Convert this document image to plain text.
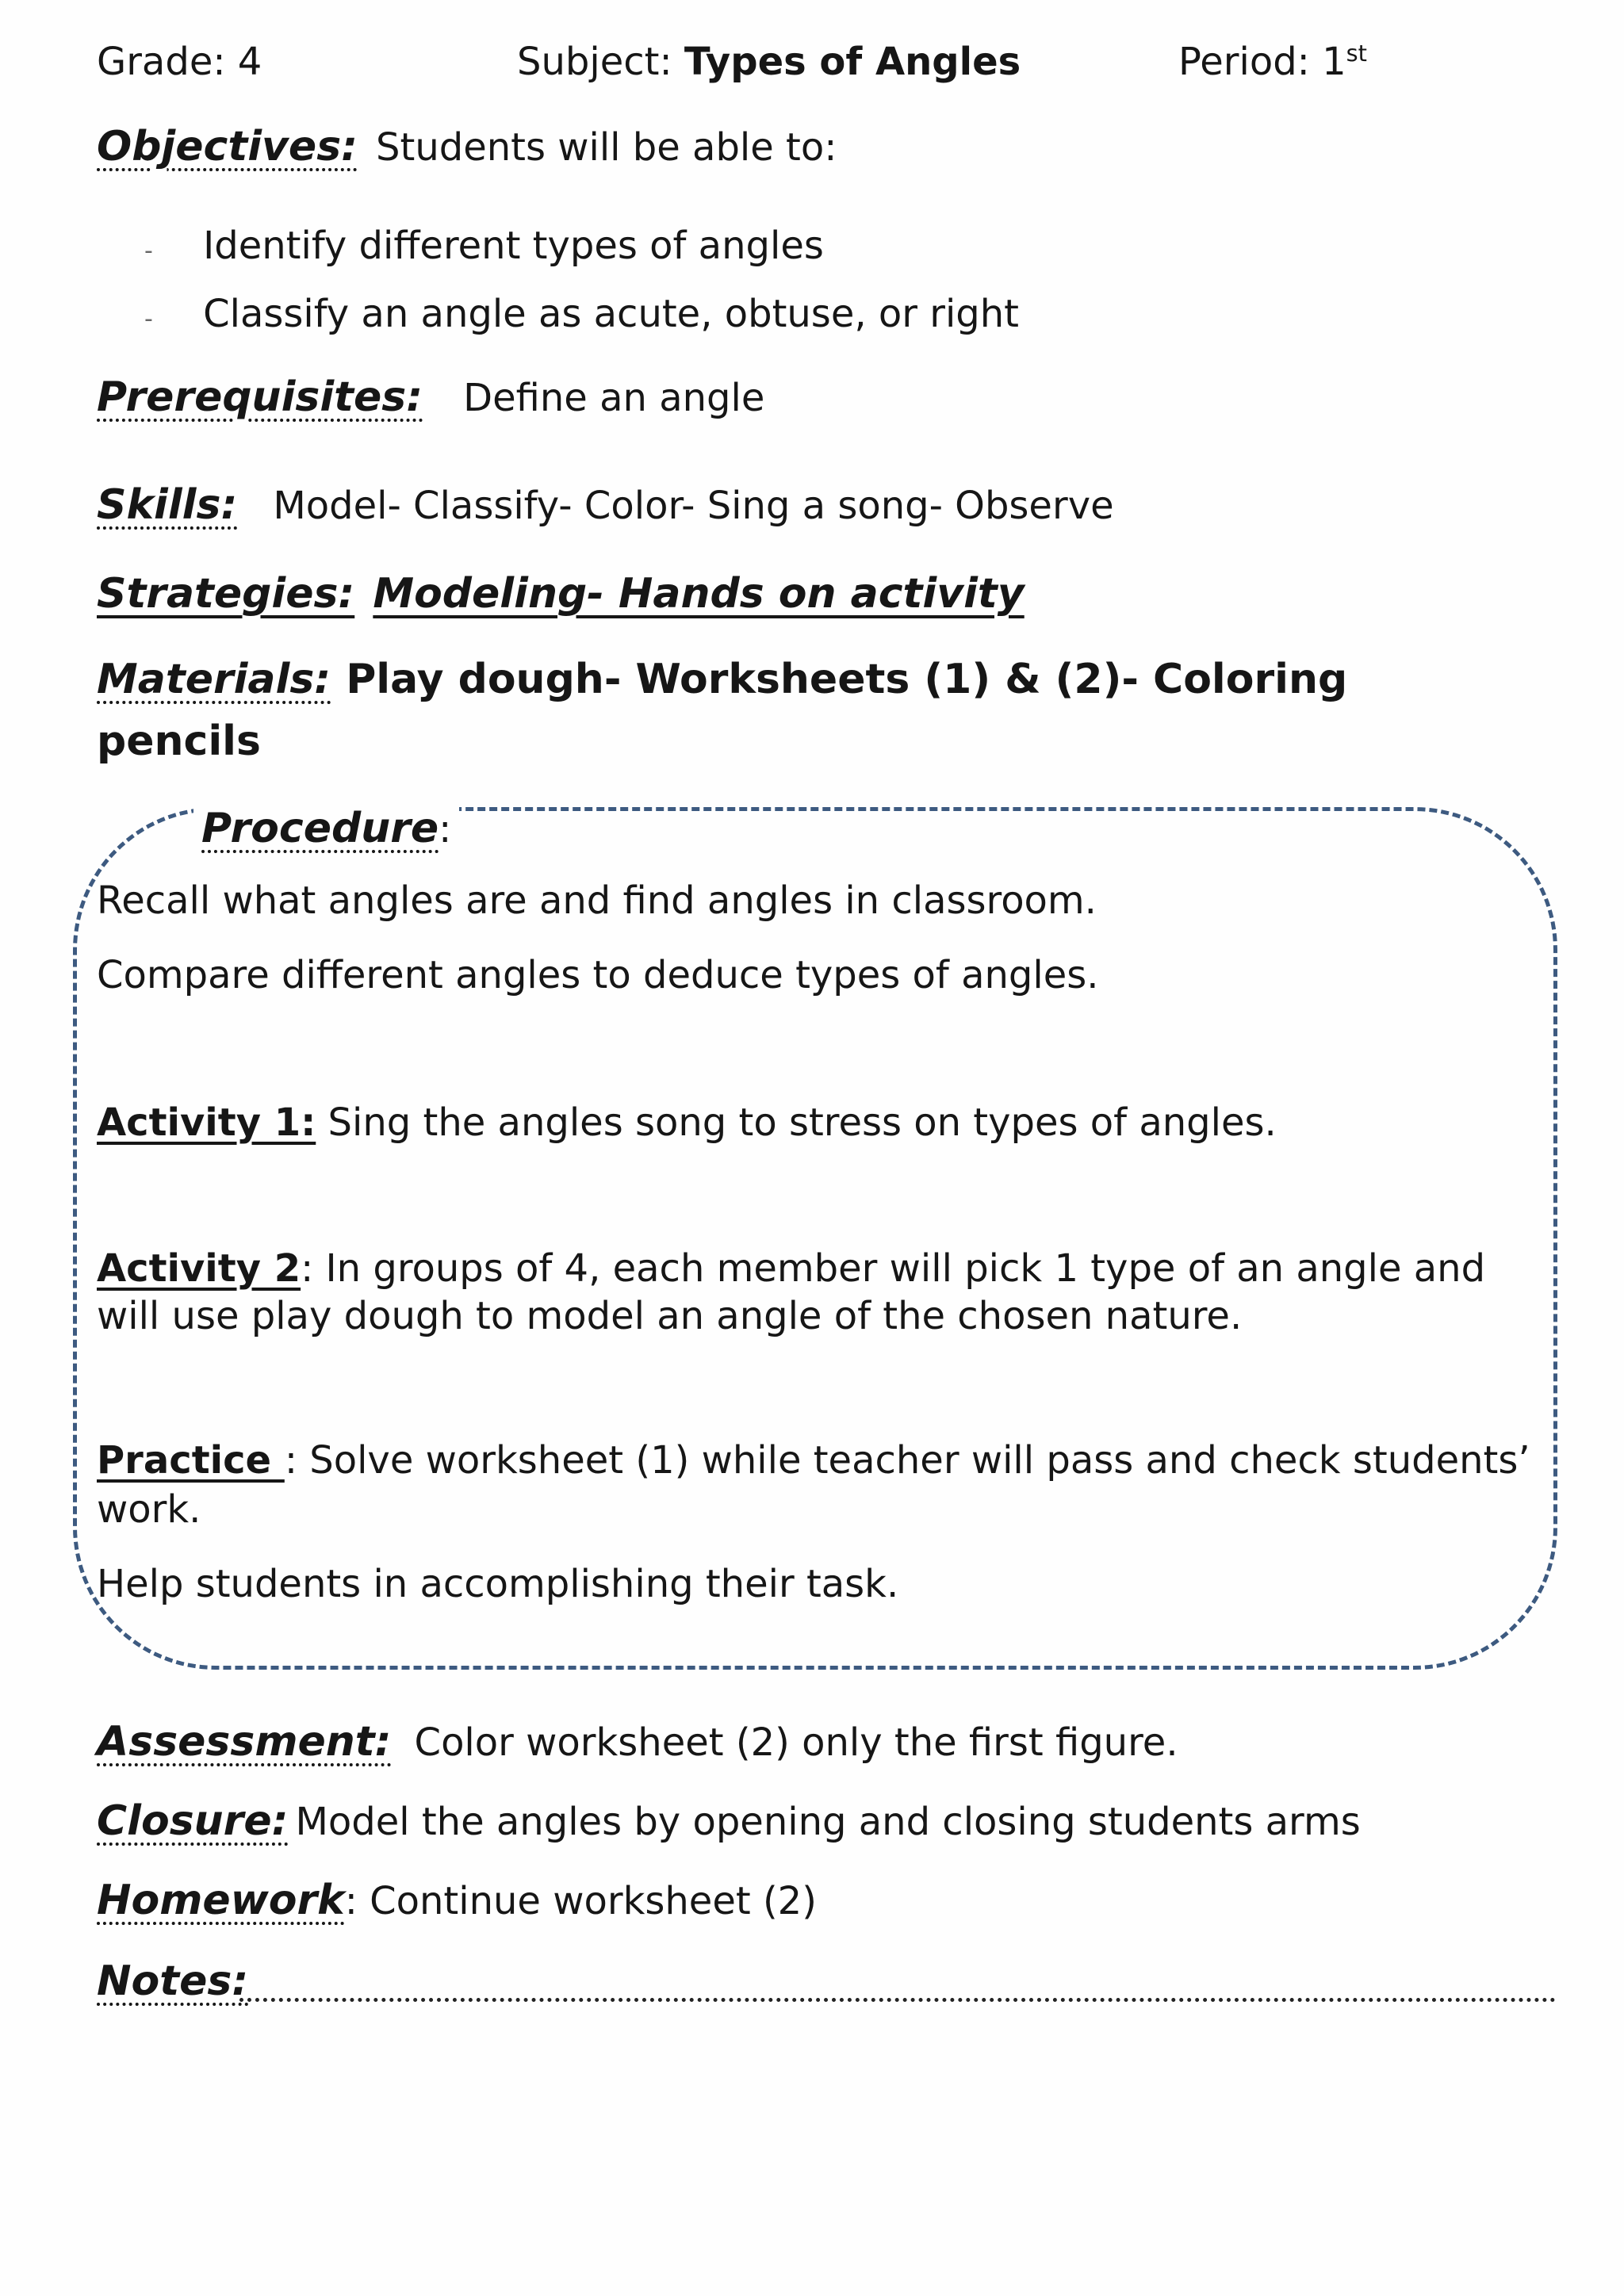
Grade: 4	Subject: Types of Angles	Period: 1st
Objectives: Students will be able to:
- Identify different types of angles
- Classify an angle as acute, obtuse, or right
Prerequisites: Define an angle
Skills: Model- Classify- Color- Sing a song- Observe
Strategies: Modeling- Hands on activity
Materials: Play dough- Worksheets (1) & (2)- Coloring
pencils
Procedure:
Recall what angles are and find angles in classroom.
Compare different angles to deduce types of angles.
Activity 1: Sing the angles song to stress on types of angles.
Activity 2: In groups of 4, each member will pick 1 type of an angle and
will use play dough to model an angle of the chosen nature.
Practice : Solve worksheet (1) while teacher will pass and check students’
work.
Help students in accomplishing their task.
Assessment: Color worksheet (2) only the first figure.
Closure: Model the angles by opening and closing students arms
Homework: Continue worksheet (2)
Notes:
